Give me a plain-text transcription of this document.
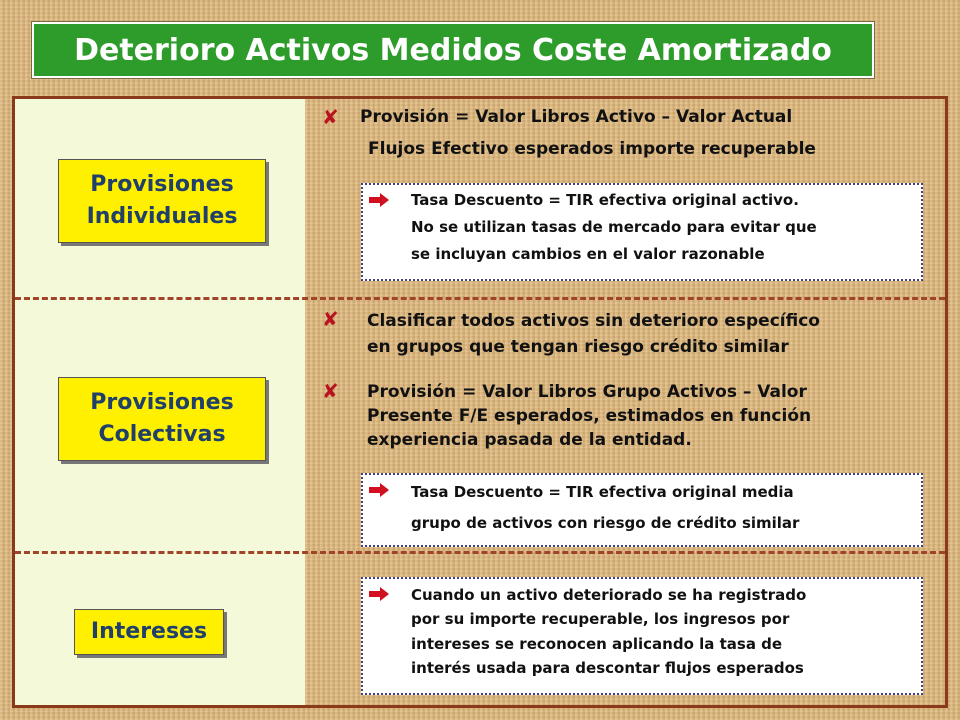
Deterioro Activos Medidos Coste Amortizado
Provisiones
Individuales
✘ Provisión = Valor Libros Activo – Valor Actual
Flujos Efectivo esperados importe recuperable
Tasa Descuento = TIR efectiva original activo.
No se utilizan tasas de mercado para evitar que
se incluyan cambios en el valor razonable
Provisiones
Colectivas
✘ Clasificar todos activos sin deterioro específico
en grupos que tengan riesgo crédito similar
✘ Provisión = Valor Libros Grupo Activos – Valor
Presente F/E esperados, estimados en función
experiencia pasada de la entidad.
Tasa Descuento = TIR efectiva original media
grupo de activos con riesgo de crédito similar
Intereses
Cuando un activo deteriorado se ha registrado
por su importe recuperable, los ingresos por
intereses se reconocen aplicando la tasa de
interés usada para descontar flujos esperados
